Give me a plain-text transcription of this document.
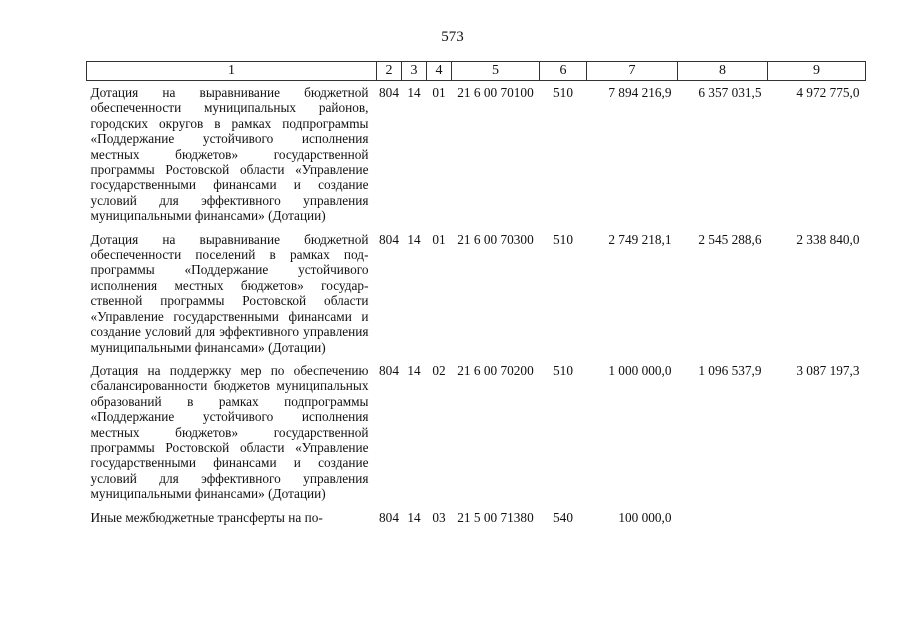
573
1	2	3	4	5	6	7	8	9
Дотация на выравнивание бюджетной обеспеченности муниципальных районов, городских округов в рамках подпрограмmы «Поддержание устойчивого исполнения местных бюджетов» государственной программы Ростовской области «Управление государственными финансами и создание условий для эффективного управления муниципальными финансами» (Дотации)	804	14	01	21 6 00 70100	510	7 894 216,9	6 357 031,5	4 972 775,0
Дотация на выравнивание бюджетной обеспеченности поселений в рамках подпрограммы «Поддержание устойчивого исполнения местных бюджетов» государственной программы Ростовской области «Управление государственными финансами и создание условий для эффективного управления муниципальными финансами» (Дотации)	804	14	01	21 6 00 70300	510	2 749 218,1	2 545 288,6	2 338 840,0
Дотация на поддержку мер по обеспечению сбалансированности бюджетов муниципальных образований в рамках подпрограммы «Поддержание устойчивого исполнения местных бюджетов» государственной программы Ростовской области «Управление государственными финансами и создание условий для эффективного управления муниципальными финансами» (Дотации)	804	14	02	21 6 00 70200	510	1 000 000,0	1 096 537,9	3 087 197,3
Иные межбюджетные трансферты на по-	804	14	03	21 5 00 71380	540	100 000,0		
